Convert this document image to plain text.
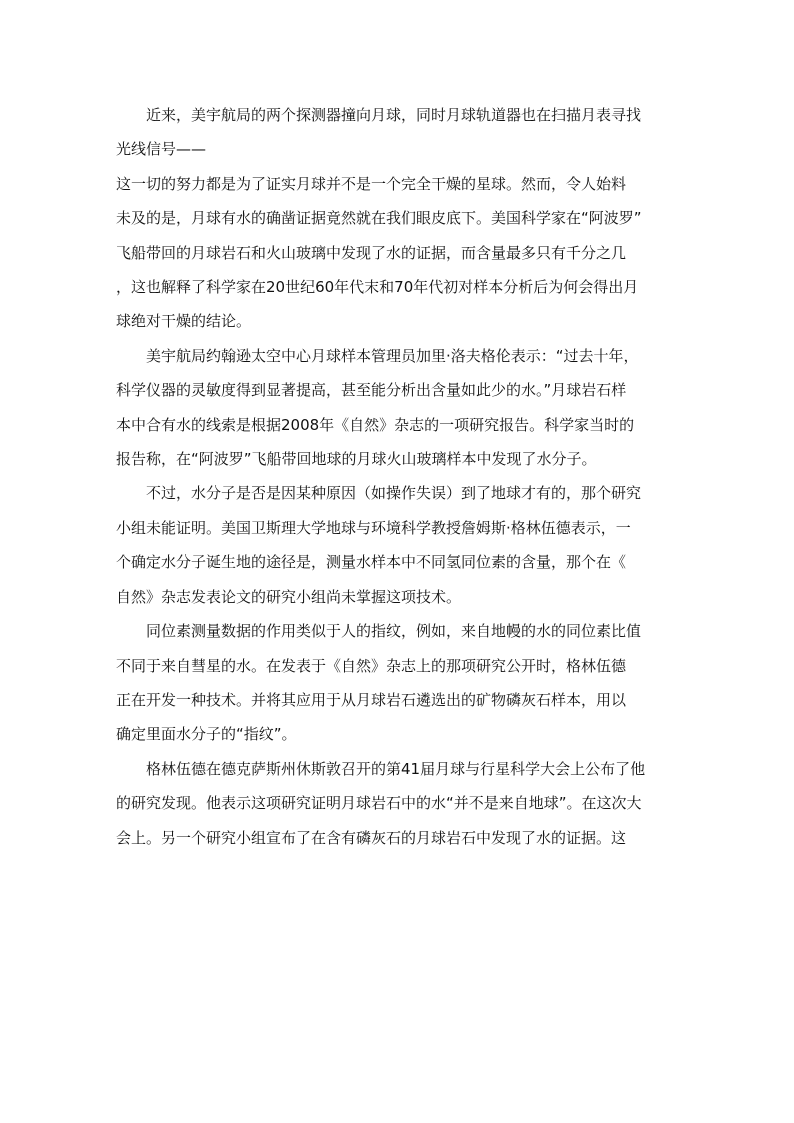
近来，美宇航局的两个探测器撞向月球，同时月球轨道器也在扫描月表寻找
光线信号——
这一切的努力都是为了证实月球并不是一个完全干燥的星球。然而，令人始料
未及的是，月球有水的确凿证据竟然就在我们眼皮底下。美国科学家在“阿波罗”
飞船带回的月球岩石和火山玻璃中发现了水的证据，而含量最多只有千分之几
，这也解释了科学家在20世纪60年代末和70年代初对样本分析后为何会得出月
球绝对干燥的结论。
美宇航局约翰逊太空中心月球样本管理员加里·洛夫格伦表示：“过去十年，
科学仪器的灵敏度得到显著提高，甚至能分析出含量如此少的水。”月球岩石样
本中合有水的线索是根据2008年《自然》杂志的一项研究报告。科学家当时的
报告称，在“阿波罗”飞船带回地球的月球火山玻璃样本中发现了水分子。
不过，水分子是否是因某种原因（如操作失误）到了地球才有的，那个研究
小组未能证明。美国卫斯理大学地球与环境科学教授詹姆斯·格林伍德表示，一
个确定水分子诞生地的途径是，测量水样本中不同氢同位素的含量，那个在《
自然》杂志发表论文的研究小组尚未掌握这项技术。
同位素测量数据的作用类似于人的指纹，例如，来自地幔的水的同位素比值
不同于来自彗星的水。在发表于《自然》杂志上的那项研究公开时，格林伍德
正在开发一种技术。并将其应用于从月球岩石遴选出的矿物磷灰石样本，用以
确定里面水分子的“指纹”。
格林伍德在德克萨斯州休斯敦召开的第41届月球与行星科学大会上公布了他
的研究发现。他表示这项研究证明月球岩石中的水“并不是来自地球”。在这次大
会上。另一个研究小组宣布了在含有磷灰石的月球岩石中发现了水的证据。这
